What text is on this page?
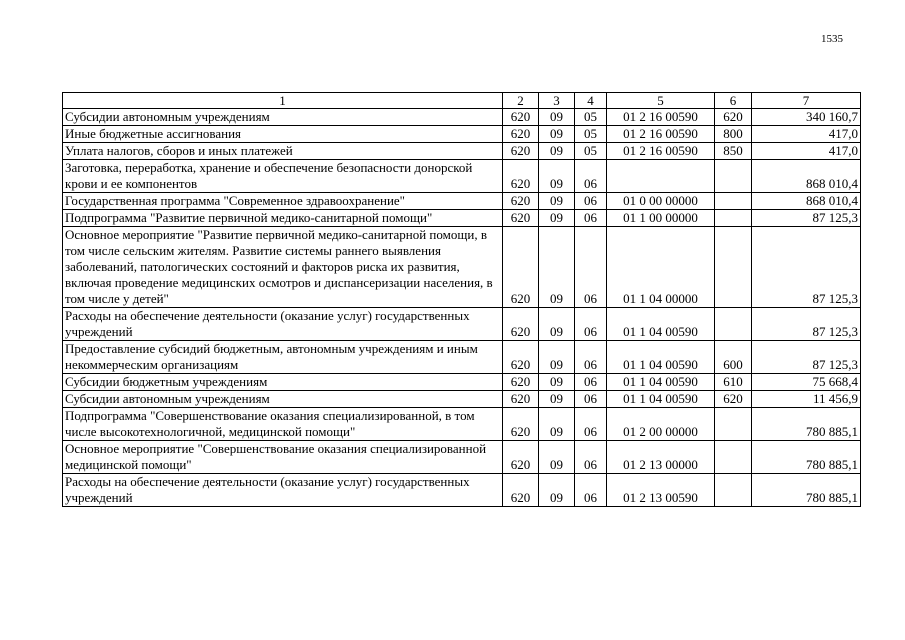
1535
1	2	3	4	5	6	7
Субсидии автономным учреждениям	620	09	05	01 2 16 00590	620	340 160,7
Иные бюджетные ассигнования	620	09	05	01 2 16 00590	800	417,0
Уплата налогов, сборов и иных платежей	620	09	05	01 2 16 00590	850	417,0
Заготовка, переработка, хранение и обеспечение безопасности донорской крови и ее компонентов	620	09	06			868 010,4
Государственная программа "Современное здравоохранение"	620	09	06	01 0 00 00000		868 010,4
Подпрограмма "Развитие первичной медико-санитарной помощи"	620	09	06	01 1 00 00000		87 125,3
Основное мероприятие "Развитие первичной медико-санитарной помощи, в том числе сельским жителям. Развитие системы раннего выявления заболеваний, патологических состояний и факторов риска их развития, включая проведение медицинских осмотров и диспансеризации населения, в том числе у детей"	620	09	06	01 1 04 00000		87 125,3
Расходы на обеспечение деятельности (оказание услуг) государственных учреждений	620	09	06	01 1 04 00590		87 125,3
Предоставление субсидий бюджетным, автономным учреждениям и иным некоммерческим организациям	620	09	06	01 1 04 00590	600	87 125,3
Субсидии бюджетным учреждениям	620	09	06	01 1 04 00590	610	75 668,4
Субсидии автономным учреждениям	620	09	06	01 1 04 00590	620	11 456,9
Подпрограмма "Совершенствование оказания специализированной, в том числе высокотехнологичной, медицинской помощи"	620	09	06	01 2 00 00000		780 885,1
Основное мероприятие "Совершенствование оказания специализированной медицинской помощи"	620	09	06	01 2 13 00000		780 885,1
Расходы на обеспечение деятельности (оказание услуг) государственных учреждений	620	09	06	01 2 13 00590		780 885,1
